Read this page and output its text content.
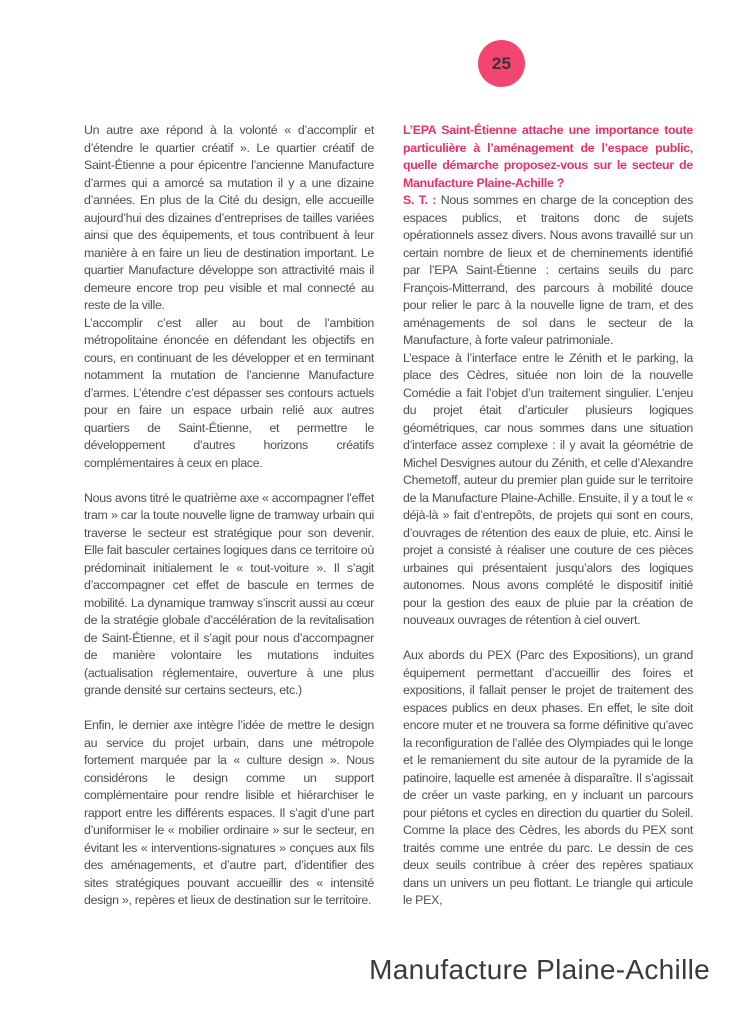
25

Un autre axe répond à la volonté « d’accomplir et d’étendre le quartier créatif ». Le quartier créatif de Saint-Étienne a pour épicentre l’ancienne Manufacture d’armes qui a amorcé sa mutation il y a une dizaine d’années. En plus de la Cité du design, elle accueille aujourd’hui des dizaines d’entreprises de tailles variées ainsi que des équipements, et tous contribuent à leur manière à en faire un lieu de destination important. Le quartier Manufacture développe son attractivité mais il demeure encore trop peu visible et mal connecté au reste de la ville.

L’accomplir c’est aller au bout de l’ambition métropolitaine énoncée en défendant les objectifs en cours, en continuant de les développer et en terminant notamment la mutation de l’ancienne Manufacture d’armes. L’étendre c’est dépasser ses contours actuels pour en faire un espace urbain relié aux autres quartiers de Saint-Étienne, et permettre le développement d’autres horizons créatifs complémentaires à ceux en place.

Nous avons titré le quatrième axe « accompagner l’effet tram » car la toute nouvelle ligne de tramway urbain qui traverse le secteur est stratégique pour son devenir. Elle fait basculer certaines logiques dans ce territoire où prédominait initialement le « tout-voiture ». Il s’agit d’accompagner cet effet de bascule en termes de mobilité. La dynamique tramway s’inscrit aussi au cœur de la stratégie globale d’accélération de la revitalisation de Saint-Étienne, et il s’agit pour nous d’accompagner de manière volontaire les mutations induites (actualisation réglementaire, ouverture à une plus grande densité sur certains secteurs, etc.)

Enfin, le dernier axe intègre l’idée de mettre le design au service du projet urbain, dans une métropole fortement marquée par la « culture design ». Nous considérons le design comme un support complémentaire pour rendre lisible et hiérarchiser le rapport entre les différents espaces. Il s’agit d’une part d’uniformiser le « mobilier ordinaire » sur le secteur, en évitant les « interventions-signatures » conçues aux fils des aménagements, et d’autre part, d’identifier des sites stratégiques pouvant accueillir des « intensité design », repères et lieux de destination sur le territoire.

L’EPA Saint-Étienne attache une importance toute particulière à l’aménagement de l’espace public, quelle démarche proposez-vous sur le secteur de Manufacture Plaine-Achille ?

S. T. : Nous sommes en charge de la conception des espaces publics, et traitons donc de sujets opérationnels assez divers. Nous avons travaillé sur un certain nombre de lieux et de cheminements identifié par l’EPA Saint-Étienne : certains seuils du parc François-Mitterrand, des parcours à mobilité douce pour relier le parc à la nouvelle ligne de tram, et des aménagements de sol dans le secteur de la Manufacture, à forte valeur patrimoniale.

L’espace à l’interface entre le Zénith et le parking, la place des Cèdres, située non loin de la nouvelle Comédie a fait l’objet d’un traitement singulier. L’enjeu du projet était d’articuler plusieurs logiques géométriques, car nous sommes dans une situation d’interface assez complexe : il y avait la géométrie de Michel Desvignes autour du Zénith, et celle d’Alexandre Chemetoff, auteur du premier plan guide sur le territoire de la Manufacture Plaine-Achille. Ensuite, il y a tout le « déjà-là » fait d’entrepôts, de projets qui sont en cours, d’ouvrages de rétention des eaux de pluie, etc. Ainsi le projet a consisté à réaliser une couture de ces pièces urbaines qui présentaient jusqu’alors des logiques autonomes. Nous avons complété le dispositif initié pour la gestion des eaux de pluie par la création de nouveaux ouvrages de rétention à ciel ouvert.

Aux abords du PEX (Parc des Expositions), un grand équipement permettant d’accueillir des foires et expositions, il fallait penser le projet de traitement des espaces publics en deux phases. En effet, le site doit encore muter et ne trouvera sa forme définitive qu’avec la reconfiguration de l’allée des Olympiades qui le longe et le remaniement du site autour de la pyramide de la patinoire, laquelle est amenée à disparaître. Il s’agissait de créer un vaste parking, en y incluant un parcours pour piétons et cycles en direction du quartier du Soleil. Comme la place des Cèdres, les abords du PEX sont traités comme une entrée du parc. Le dessin de ces deux seuils contribue à créer des repères spatiaux dans un univers un peu flottant. Le triangle qui articule le PEX,

Manufacture Plaine-Achille
